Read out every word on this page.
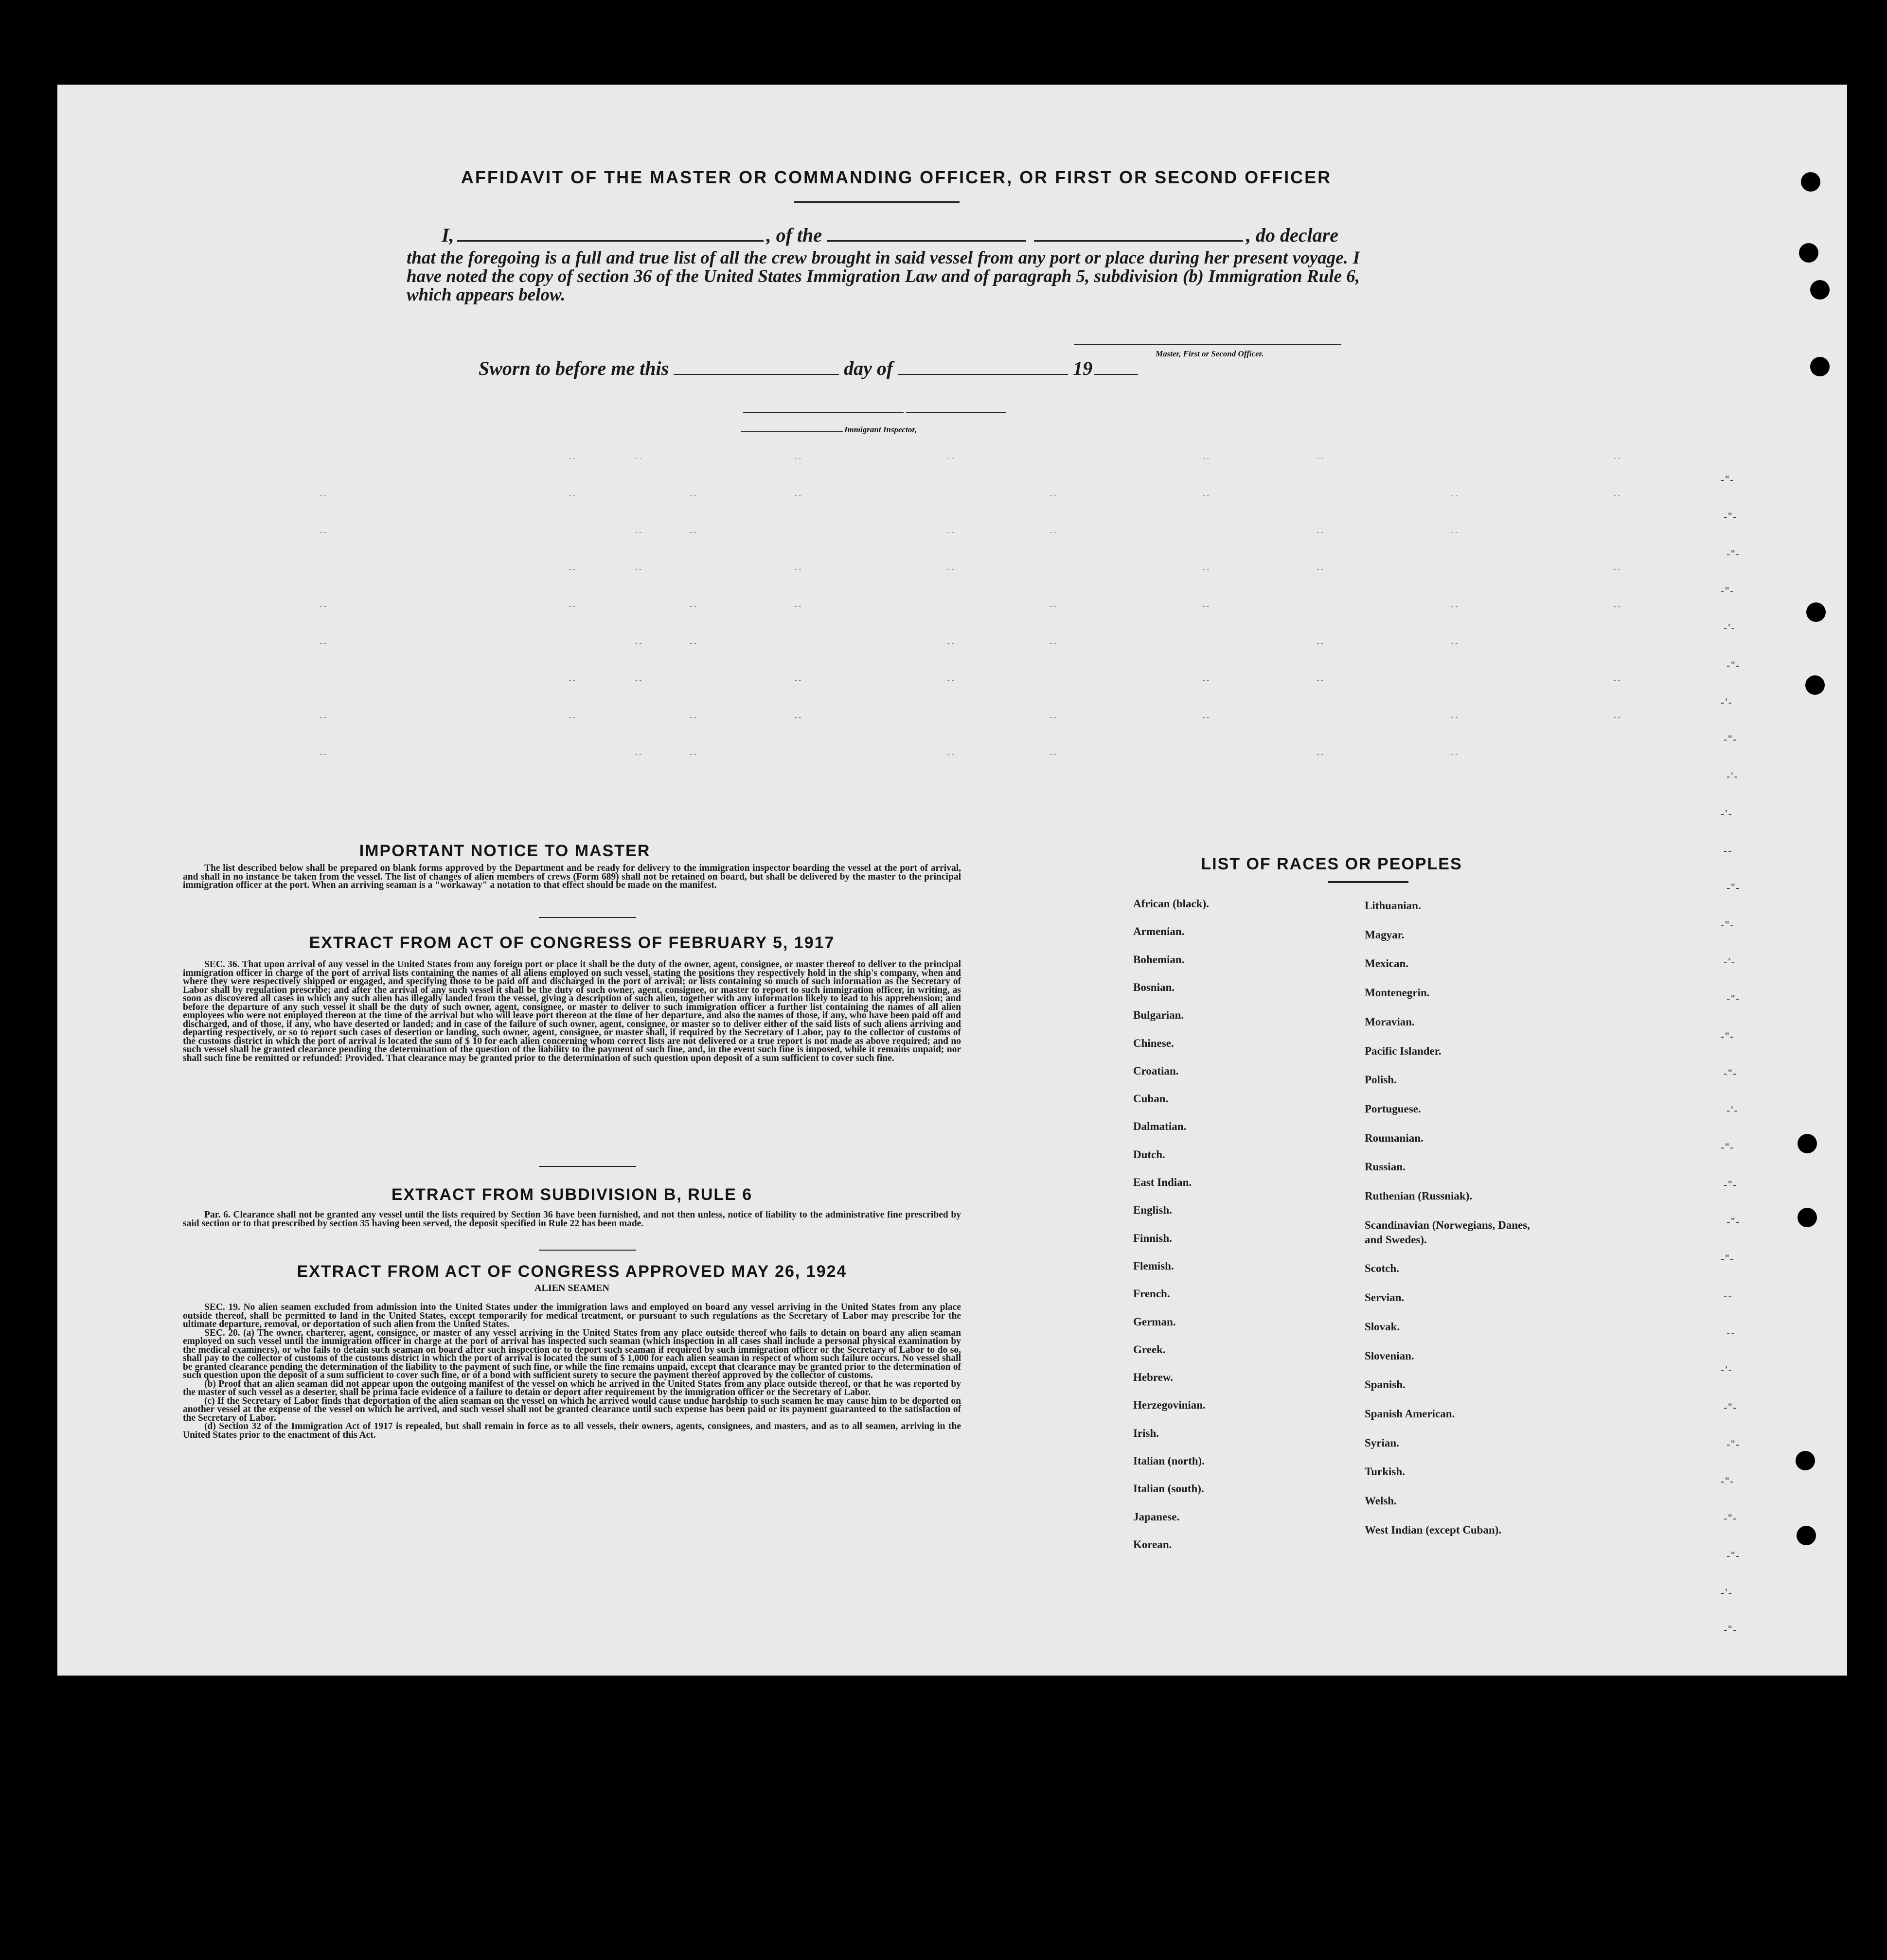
AFFIDAVIT OF THE MASTER OR COMMANDING OFFICER, OR FIRST OR SECOND OFFICER
I,	, of the	, do declare
that the foregoing is a full and true list of all the crew brought in said vessel from any port or place during her present voyage. I have noted the copy of section 36 of the United States Immigration Law and of paragraph 5, subdivision (b) Immigration Rule 6, which appears below.
Master, First or Second Officer.
Sworn to before me this	day of	19
Immigrant Inspector,
IMPORTANT NOTICE TO MASTER

The list described below shall be prepared on blank forms approved by the Department and be ready for delivery to the immigration inspector boarding the vessel at the port of arrival, and shall in no instance be taken from the vessel. The list of changes of alien members of crews (Form 689) shall not be retained on board, but shall be delivered by the master to the principal immigration officer at the port. When an arriving seaman is a "workaway" a notation to that effect should be made on the manifest.

EXTRACT FROM ACT OF CONGRESS OF FEBRUARY 5, 1917

SEC. 36. That upon arrival of any vessel in the United States from any foreign port or place it shall be the duty of the owner, agent, consignee, or master thereof to deliver to the principal immigration officer in charge of the port of arrival lists containing the names of all aliens employed on such vessel, stating the positions they respectively hold in the ship's company, when and where they were respectively shipped or engaged, and specifying those to be paid off and discharged in the port of arrival; or lists containing so much of such information as the Secretary of Labor shall by regulation prescribe; and after the arrival of any such vessel it shall be the duty of such owner, agent, consignee, or master to report to such immigration officer, in writing, as soon as discovered all cases in which any such alien has illegally landed from the vessel, giving a description of such alien, together with any information likely to lead to his apprehension; and before the departure of any such vessel it shall be the duty of such owner, agent, consignee, or master to deliver to such immigration officer a further list containing the names of all alien employees who were not employed thereon at the time of the arrival but who will leave port thereon at the time of her departure, and also the names of those, if any, who have been paid off and discharged, and of those, if any, who have deserted or landed; and in case of the failure of such owner, agent, consignee, or master so to deliver either of the said lists of such aliens arriving and departing respectively, or so to report such cases of desertion or landing, such owner, agent, consignee, or master shall, if required by the Secretary of Labor, pay to the collector of customs of the customs district in which the port of arrival is located the sum of $ 10 for each alien concerning whom correct lists are not delivered or a true report is not made as above required; and no such vessel shall be granted clearance pending the determination of the question of the liability to the payment of such fine, and, in the event such fine is imposed, while it remains unpaid; nor shall such fine be remitted or refunded: Provided. That clearance may be granted prior to the determination of such question upon deposit of a sum sufficient to cover such fine.

EXTRACT FROM SUBDIVISION B, RULE 6

Par. 6. Clearance shall not be granted any vessel until the lists required by Section 36 have been furnished, and not then unless, notice of liability to the administrative fine prescribed by said section or to that prescribed by section 35 having been served, the deposit specified in Rule 22 has been made.

EXTRACT FROM ACT OF CONGRESS APPROVED MAY 26, 1924
ALIEN SEAMEN

SEC. 19. No alien seamen excluded from admission into the United States under the immigration laws and employed on board any vessel arriving in the United States from any place outside thereof, shall be permitted to land in the United States, except temporarily for medical treatment, or pursuant to such regulations as the Secretary of Labor may prescribe for the ultimate departure, removal, or deportation of such alien from the United States.

SEC. 20. (a) The owner, charterer, agent, consignee, or master of any vessel arriving in the United States from any place outside thereof who fails to detain on board any alien seaman employed on such vessel until the immigration officer in charge at the port of arrival has inspected such seaman (which inspection in all cases shall include a personal physical examination by the medical examiners), or who fails to detain such seaman on board after such inspection or to deport such seaman if required by such immigration officer or the Secretary of Labor to do so, shall pay to the collector of customs of the customs district in which the port of arrival is located the sum of $ 1,000 for each alien seaman in respect of whom such failure occurs. No vessel shall be granted clearance pending the determination of the liability to the payment of such fine, or while the fine remains unpaid, except that clearance may be granted prior to the determination of such question upon the deposit of a sum sufficient to cover such fine, or of a bond with sufficient surety to secure the payment thereof approved by the collector of customs.

(b) Proof that an alien seaman did not appear upon the outgoing manifest of the vessel on which he arrived in the United States from any place outside thereof, or that he was reported by the master of such vessel as a deserter, shall be prima facie evidence of a failure to detain or deport after requirement by the immigration officer or the Secretary of Labor.

(c) If the Secretary of Labor finds that deportation of the alien seaman on the vessel on which he arrived would cause undue hardship to such seamen he may cause him to be deported on another vessel at the expense of the vessel on which he arrived, and such vessel shall not be granted clearance until such expense has been paid or its payment guaranteed to the satisfaction of the Secretary of Labor.

(d) Section 32 of the Immigration Act of 1917 is repealed, but shall remain in force as to all vessels, their owners, agents, consignees, and masters, and as to all seamen, arriving in the United States prior to the enactment of this Act.

LIST OF RACES OR PEOPLES
African (black).
Armenian.
Bohemian.
Bosnian.
Bulgarian.
Chinese.
Croatian.
Cuban.
Dalmatian.
Dutch.
East Indian.
English.
Finnish.
Flemish.
French.
German.
Greek.
Hebrew.
Herzegovinian.
Irish.
Italian (north).
Italian (south).
Japanese.
Korean.
Lithuanian.
Magyar.
Mexican.
Montenegrin.
Moravian.
Pacific Islander.
Polish.
Portuguese.
Roumanian.
Russian.
Ruthenian (Russniak).
Scandinavian (Norwegians, Danes, and Swedes).
Scotch.
Servian.
Slovak.
Slovenian.
Spanish.
Spanish American.
Syrian.
Turkish.
Welsh.
West Indian (except Cuban).
-"-
-"-
-"-
-"-
-'-
-"-
-'-
-"-
-'-
-'-
--
-"-
-"-
-'-
-"-
-"-
-"-
-'-
-"-
-"-
-"-
-"-
--
--
-'-
-"-
-"-
-"-
-"-
-"-
-'-
-"-
- -	- -	- -	- -	- -	- -	- -
- -	- -	- -	- -	- -	- -	- -	- -
- -	- -	- -	- -	- -	- -	- -
- -	- -	- -	- -	- -	- -	- -
- -	- -	- -	- -	- -	- -	- -	- -
- -	- -	- -	- -	- -	- -	- -
- -	- -	- -	- -	- -	- -	- -
- -	- -	- -	- -	- -	- -	- -	- -
- -	- -	- -	- -	- -	- -	- -
